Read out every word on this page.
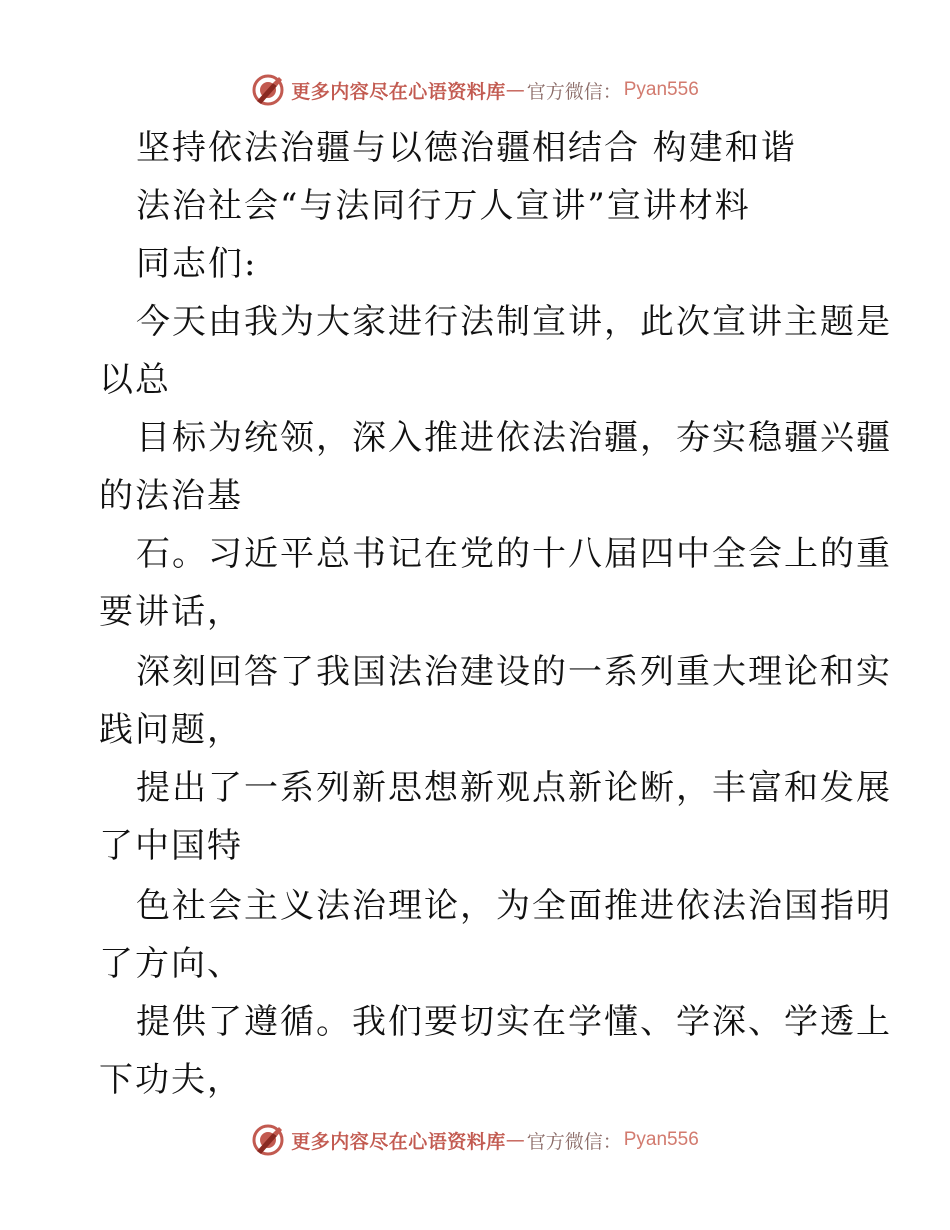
更多内容尽在心语资料库 — 官方微信： Pyan556
坚持依法治疆与以德治疆相结合 构建和谐
法治社会“与法同行万人宣讲”宣讲材料
同志们:
今天由我为大家进行法制宣讲，此次宣讲主题是
以总
目标为统领，深入推进依法治疆，夯实稳疆兴疆
的法治基
石。习近平总书记在党的十八届四中全会上的重
要讲话，
深刻回答了我国法治建设的一系列重大理论和实
践问题，
提出了一系列新思想新观点新论断，丰富和发展
了中国特
色社会主义法治理论，为全面推进依法治国指明
了方向、
提供了遵循。我们要切实在学懂、学深、学透上
下功夫，
更多内容尽在心语资料库 — 官方微信： Pyan556
